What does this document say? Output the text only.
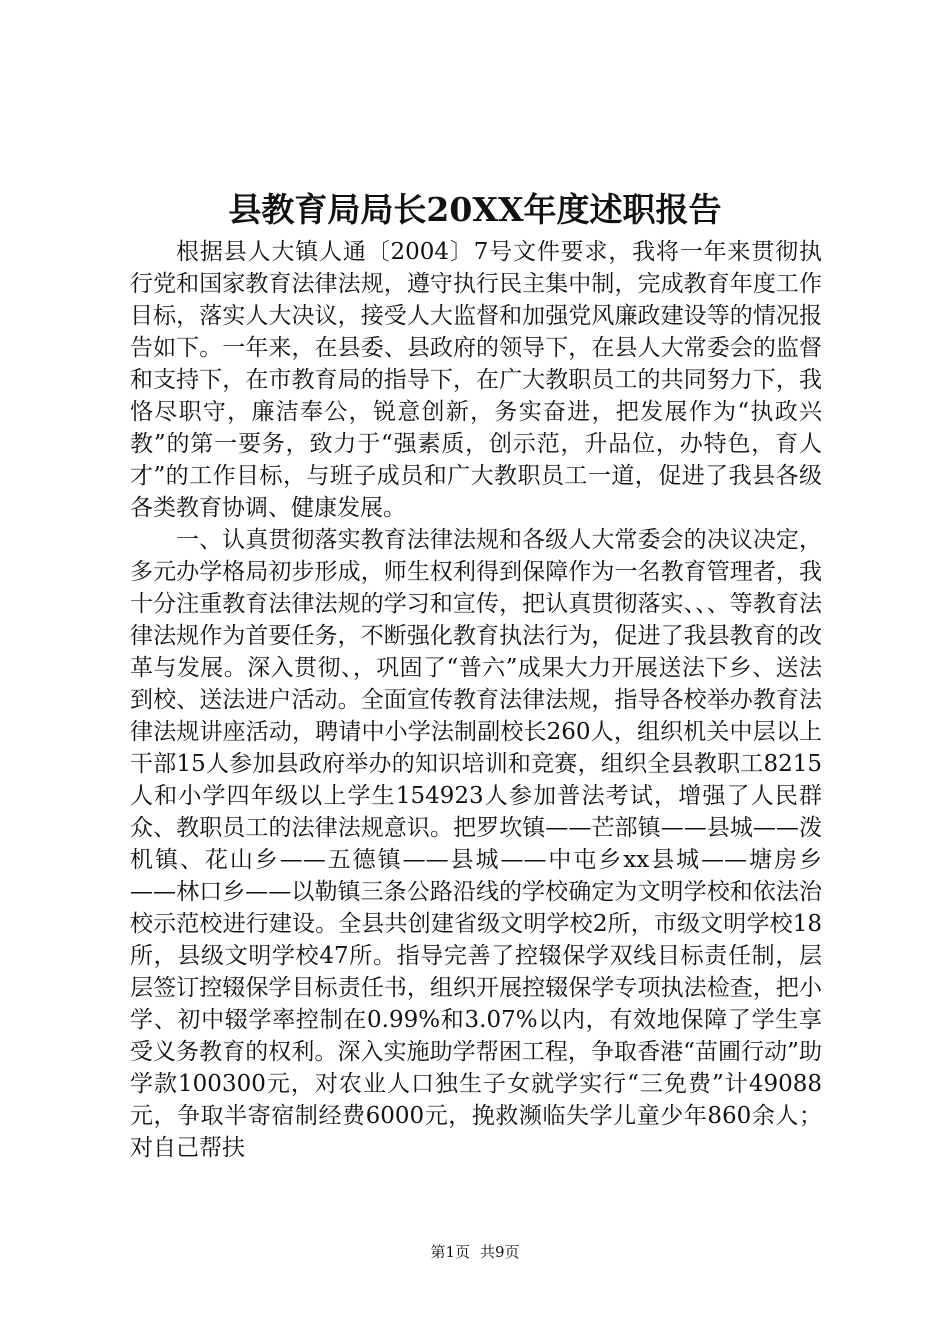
县教育局局长20XX年度述职报告

根据县人大镇人通〔2004〕7号文件要求，我将一年来贯彻执行党和国家教育法律法规，遵守执行民主集中制，完成教育年度工作目标，落实人大决议，接受人大监督和加强党风廉政建设等的情况报告如下。一年来，在县委、县政府的领导下，在县人大常委会的监督和支持下，在市教育局的指导下，在广大教职员工的共同努力下，我恪尽职守，廉洁奉公，锐意创新，务实奋进，把发展作为“执政兴教”的第一要务，致力于“强素质，创示范，升品位，办特色，育人才”的工作目标，与班子成员和广大教职员工一道，促进了我县各级各类教育协调、健康发展。

一、认真贯彻落实教育法律法规和各级人大常委会的决议决定，多元办学格局初步形成，师生权利得到保障作为一名教育管理者，我十分注重教育法律法规的学习和宣传，把认真贯彻落实、、、等教育法律法规作为首要任务，不断强化教育执法行为，促进了我县教育的改革与发展。深入贯彻、，巩固了“普六”成果大力开展送法下乡、送法到校、送法进户活动。全面宣传教育法律法规，指导各校举办教育法律法规讲座活动，聘请中小学法制副校长260人，组织机关中层以上干部15人参加县政府举办的知识培训和竞赛，组织全县教职工8215人和小学四年级以上学生154923人参加普法考试，增强了人民群众、教职员工的法律法规意识。把罗坎镇——芒部镇——县城——泼机镇、花山乡——五德镇——县城——中屯乡xx县城——塘房乡——林口乡——以勒镇三条公路沿线的学校确定为文明学校和依法治校示范校进行建设。全县共创建省级文明学校2所，市级文明学校18所，县级文明学校47所。指导完善了控辍保学双线目标责任制，层层签订控辍保学目标责任书，组织开展控辍保学专项执法检查，把小学、初中辍学率控制在0.99%和3.07%以内，有效地保障了学生享受义务教育的权利。深入实施助学帮困工程，争取香港“苗圃行动”助学款100300元，对农业人口独生子女就学实行“三免费”计49088元，争取半寄宿制经费6000元，挽救濒临失学儿童少年860余人；对自己帮扶

第1页 共9页
